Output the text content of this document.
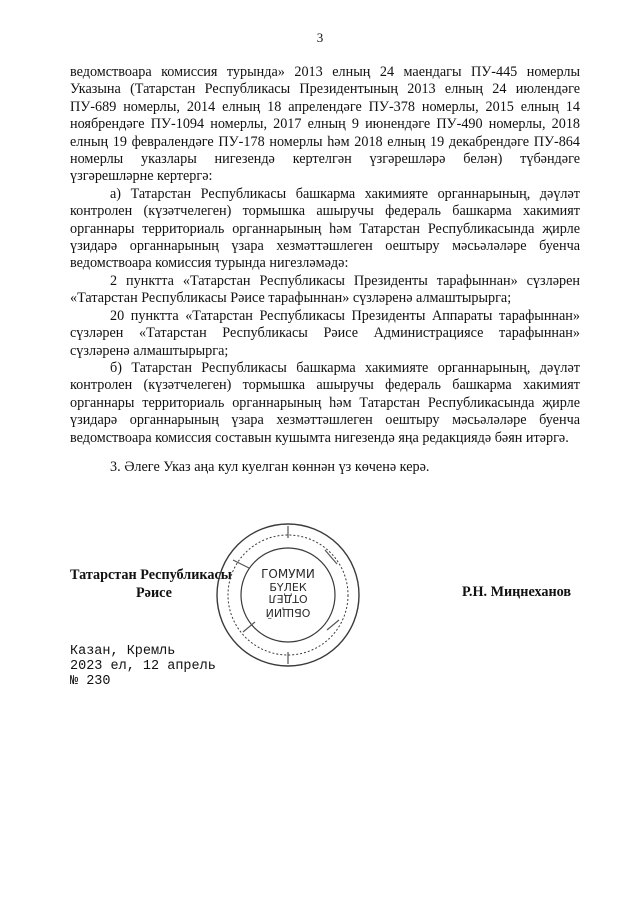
3

ведомствоара комиссия турында» 2013 елның 24 маендагы ПУ-445 номерлы Указына (Татарстан Республикасы Президентының 2013 елның 24 июлендәге ПУ-689 номерлы, 2014 елның 18 апрелендәге ПУ-378 номерлы, 2015 елның 14 ноябрендәге ПУ-1094 номерлы, 2017 елның 9 июнендәге ПУ-490 номерлы, 2018 елның 19 февралендәге ПУ-178 номерлы һәм 2018 елның 19 декабрендәге ПУ-864 номерлы указлары нигезендә кертелгән үзгәрешләрә белән) түбәндәге үзгәрешләрне кертергә:

а) Татарстан Республикасы башкарма хакимияте органнарының, дәүләт контролен (күзәтчелеген) тормышка ашыручы федераль башкарма хакимият органнары территориаль органнарының һәм Татарстан Республикасында җирле үзидарә органнарының үзара хезмәттәшлеген оештыру мәсьәләләре буенча ведомствоара комиссия турында нигезләмәдә:

2 пунктта «Татарстан Республикасы Президенты тарафыннан» сүзләрен «Татарстан Республикасы Рәисе тарафыннан» сүзләренә алмаштырырга;

20 пунктта «Татарстан Республикасы Президенты Аппараты тарафыннан» сүзләрен «Татарстан Республикасы Рәисе Администрациясе тарафыннан» сүзләренә алмаштырырга;

б) Татарстан Республикасы башкарма хакимияте органнарының, дәүләт контролен (күзәтчелеген) тормышка ашыручы федераль башкарма хакимият органнары территориаль органнарының һәм Татарстан Республикасында җирле үзидарә органнарының үзара хезмәттәшлеген оештыру мәсьәләләре буенча ведомствоара комиссия составын кушымта нигезендә яңа редакциядә бәян итәргә.

3. Әлеге Указ аңа кул куелган көннән үз көченә керә.

Татарстан Республикасы
Рәисе
ГОМУМИ
БҮЛЕК
ОТДЕЛ
ОБЩИЙ
Р.Н. Миңнеханов
Казан, Кремль
2023 ел, 12 апрель
№ 230
